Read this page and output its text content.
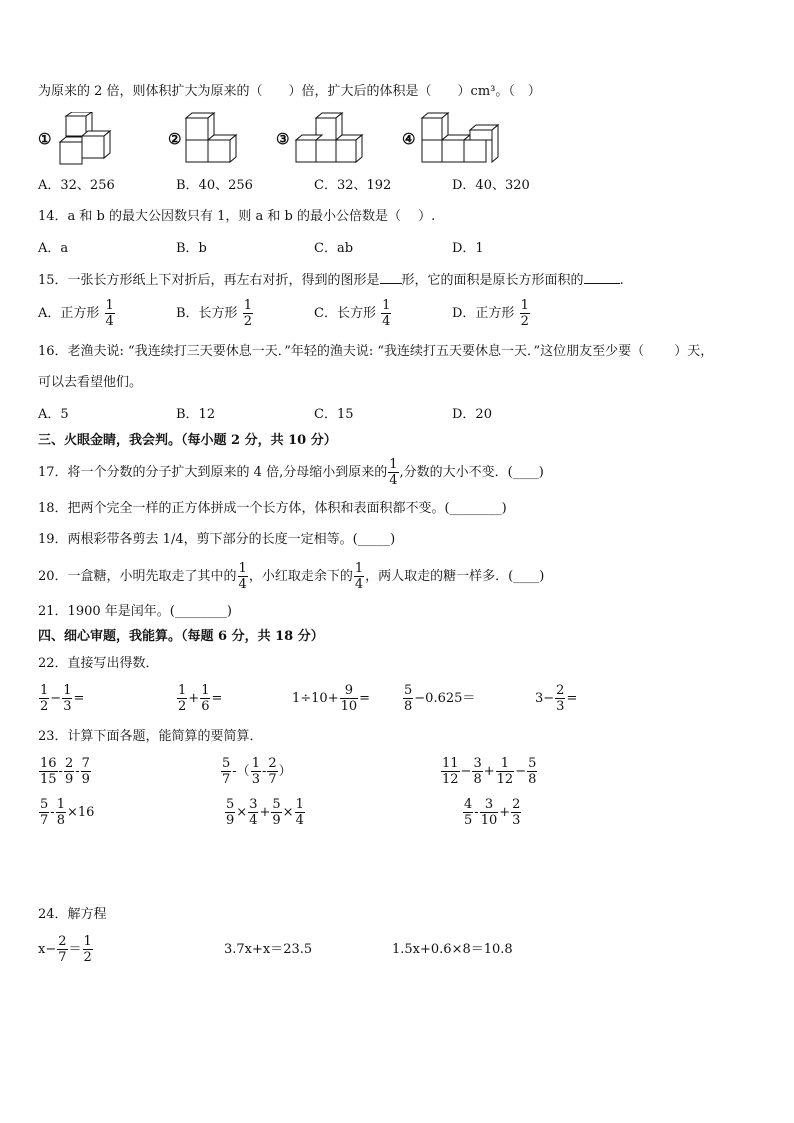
为原来的 2 倍，则体积扩大为原来的（　　）倍，扩大后的体积是（　　）cm³。（　）
①	②	③	④
A．32、256	B．40、256	C．32、192	D．40、320
14．a 和 b 的最大公因数只有 1，则 a 和 b 的最小公倍数是（　 ）.
A．a	B．b	C．ab	D．1
15．一张长方形纸上下对折后，再左右对折，得到的图形是 形，它的面积是原长方形面积的	.
A．正方形 $\frac{1}{4}$	B．长方形 $\frac{1}{2}$	C．长方形 $\frac{1}{4}$	D．正方形 $\frac{1}{2}$
16．老渔夫说: “我连续打三天要休息一天．”年轻的渔夫说: “我连续打五天要休息一天．”这位朋友至少要（　　 ）天，
可以去看望他们。
A．5	B．12	C．15	D．20
三、火眼金睛，我会判。（每小题 2 分，共 10 分）
17．将一个分数的分子扩大到原来的 4 倍,分母缩小到原来的 $\frac{1}{4}$ ,分数的大小不变．(____)
18．把两个完全一样的正方体拼成一个长方体，体积和表面积都不变。(________)
19．两根彩带各剪去 1/4，剪下部分的长度一定相等。(_____)
20．一盒糖，小明先取走了其中的 $\frac{1}{4}$ ，小红取走余下的 $\frac{1}{4}$ ，两人取走的糖一样多．(____)
21．1900 年是闰年。(________)
四、细心审题，我能算。（每题 6 分，共 18 分）
22．直接写出得数．
$\frac{1}{2} - \frac{1}{3}$ =	$\frac{1}{2} + \frac{1}{6}$ =	$1\div 10+ \frac{9}{10}$ =	$\frac{5}{8} -0.625=$	$3- \frac{2}{3}$ =
23．计算下面各题，能简算的要简算．
$\frac{16}{15} - \frac{2}{9} - \frac{7}{9}$	$\frac{5}{7}$ -（ $\frac{1}{3} - \frac{2}{7}$ ）	$\frac{11}{12} - \frac{3}{8} + \frac{1}{12} - \frac{5}{8}$
$\frac{5}{7} - \frac{1}{8} \times 16$	$\frac{5}{9} \times \frac{3}{4} + \frac{5}{9} \times \frac{1}{4}$	$\frac{4}{5} - \frac{3}{10} + \frac{2}{3}$
24．解方程
$x- \frac{2}{7} = \frac{1}{2}$	3.7x+x＝23.5	1.5x+0.6×8＝10.8
